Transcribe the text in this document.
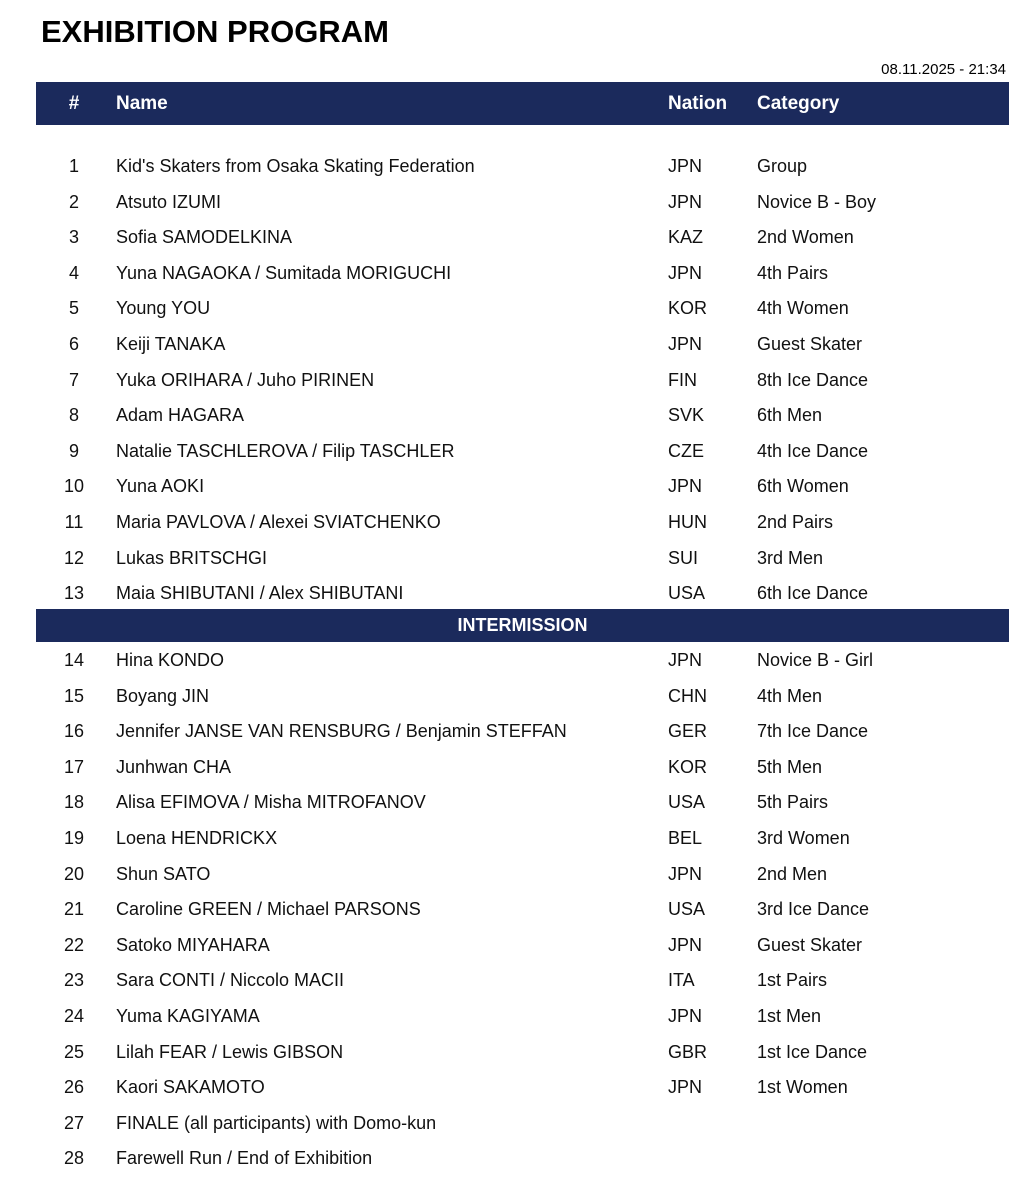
EXHIBITION PROGRAM
08.11.2025 - 21:34
# Name	Nation Category
1	Kid's Skaters from Osaka Skating Federation	JPN	Group
2	Atsuto IZUMI	JPN	Novice B - Boy
3	Sofia SAMODELKINA	KAZ	2nd Women
4	Yuna NAGAOKA / Sumitada MORIGUCHI	JPN	4th Pairs
5	Young YOU	KOR	4th Women
6	Keiji TANAKA	JPN	Guest Skater
7	Yuka ORIHARA / Juho PIRINEN	FIN	8th Ice Dance
8	Adam HAGARA	SVK	6th Men
9	Natalie TASCHLEROVA / Filip TASCHLER	CZE	4th Ice Dance
10	Yuna AOKI	JPN	6th Women
11	Maria PAVLOVA / Alexei SVIATCHENKO	HUN	2nd Pairs
12	Lukas BRITSCHGI	SUI	3rd Men
13	Maia SHIBUTANI / Alex SHIBUTANI	USA	6th Ice Dance
INTERMISSION
14	Hina KONDO	JPN	Novice B - Girl
15	Boyang JIN	CHN	4th Men
16	Jennifer JANSE VAN RENSBURG / Benjamin STEFFAN	GER	7th Ice Dance
17	Junhwan CHA	KOR	5th Men
18	Alisa EFIMOVA / Misha MITROFANOV	USA	5th Pairs
19	Loena HENDRICKX	BEL	3rd Women
20	Shun SATO	JPN	2nd Men
21	Caroline GREEN / Michael PARSONS	USA	3rd Ice Dance
22	Satoko MIYAHARA	JPN	Guest Skater
23	Sara CONTI / Niccolo MACII	ITA	1st Pairs
24	Yuma KAGIYAMA	JPN	1st Men
25	Lilah FEAR / Lewis GIBSON	GBR	1st Ice Dance
26	Kaori SAKAMOTO	JPN	1st Women
27	FINALE (all participants) with Domo-kun
28	Farewell Run / End of Exhibition
